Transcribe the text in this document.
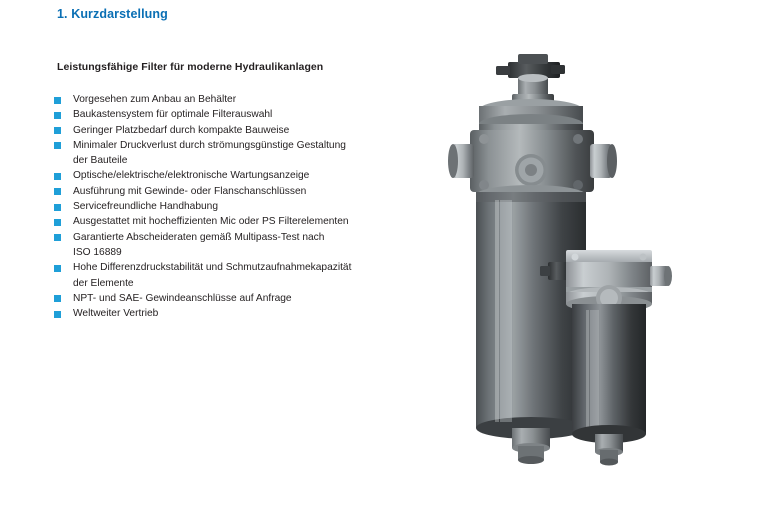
1. Kurzdarstellung
Leistungsfähige Filter für moderne Hydraulikanlagen
Vorgesehen zum Anbau an Behälter
Baukastensystem für optimale Filterauswahl
Geringer Platzbedarf durch kompakte Bauweise
Minimaler Druckverlust durch strömungsgünstige Gestaltung
der Bauteile
Optische/elektrische/elektronische Wartungsanzeige
Ausführung mit Gewinde- oder Flanschanschlüssen
Servicefreundliche Handhabung
Ausgestattet mit hocheffizienten Mic oder PS Filterelementen
Garantierte Abscheideraten gemäß Multipass-Test nach
ISO 16889
Hohe Differenzdruckstabilität und Schmutzaufnahmekapazität
der Elemente
NPT- und SAE- Gewindeanschlüsse auf Anfrage
Weltweiter Vertrieb
